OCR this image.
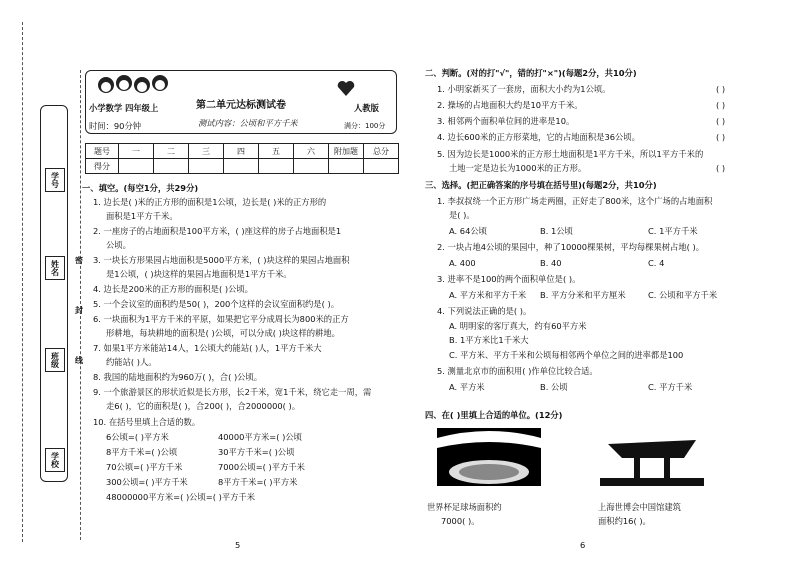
学号
姓名
班级
学校
密
封
线
小学数学 四年级上	第二单元达标测试卷	人教版
时间：90分钟	测试内容：公顷和平方千米	满分：100分
题号	一	二	三	四	五	六	附加题	总分
得分								
一、填空。(每空1分，共29分)
1. 边长是( )米的正方形的面积是1公顷，边长是( )米的正方形的
面积是1平方千米。
2. 一座房子的占地面积是100平方米，( )座这样的房子占地面积是1
公顷。
3. 一块长方形果园占地面积是5000平方米，( )块这样的果园占地面积
是1公顷，( )块这样的果园占地面积是1平方千米。
4. 边长是200米的正方形的面积是( )公顷。
5. 一个会议室的面积约是50( )，200个这样的会议室面积约是( )。
6. 一块面积为1平方千米的平原，如果把它平分成周长为800米的正方
形耕地，每块耕地的面积是( )公顷，可以分成( )块这样的耕地。
7. 如果1平方米能站14人，1公顷大约能站( )人，1平方千米大
约能站( )人。
8. 我国的陆地面积约为960万( )，合( )公顷。
9. 一个旅游景区的形状近似是长方形，长2千米，宽1千米，绕它走一周，需
走6( )，它的面积是( )，合200( )，合2000000( )。
10. 在括号里填上合适的数。
6公顷=( )平方米	40000平方米=( )公顷
8平方千米=( )公顷	30平方千米=( )公顷
70公顷=( )平方千米	7000公顷=( )平方千米
300公顷=( )平方千米	8平方千米=( )平方米
48000000平方米=( )公顷=( )平方千米
二、判断。(对的打"√"，错的打"×")(每题2分，共10分)
1. 小明家新买了一套房，面积大小约为1公顷。	( )
2. 操场的占地面积大约是10平方千米。	( )
3. 相邻两个面积单位间的进率是10。	( )
4. 边长600米的正方形菜地，它的占地面积是36公顷。	( )
5. 因为边长是1000米的正方形土地面积是1平方千米，所以1平方千米的
土地一定是边长为1000米的正方形。	( )
三、选择。(把正确答案的序号填在括号里)(每题2分，共10分)
1. 李叔叔绕一个正方形广场走两圈，正好走了800米，这个广场的占地面积
是( )。
A. 64公顷	B. 1公顷	C. 1平方千米
2. 一块占地4公顷的果园中，种了10000棵果树，平均每棵果树占地( )。
A. 400	B. 40	C. 4
3. 进率不是100的两个面积单位是( )。
A. 平方米和平方千米 B. 平方分米和平方厘米	C. 公顷和平方千米
4. 下列说法正确的是( )。
A. 明明家的客厅真大，约有60平方米
B. 1平方米比1千米大
C. 平方米、平方千米和公顷每相邻两个单位之间的进率都是100
5. 测量北京市的面积用( )作单位比较合适。
A. 平方米	B. 公顷	C. 平方千米
四、在( )里填上合适的单位。(12分)
世界杯足球场面积约
7000( )。
上海世博会中国馆建筑
面积约16( )。
5	6
